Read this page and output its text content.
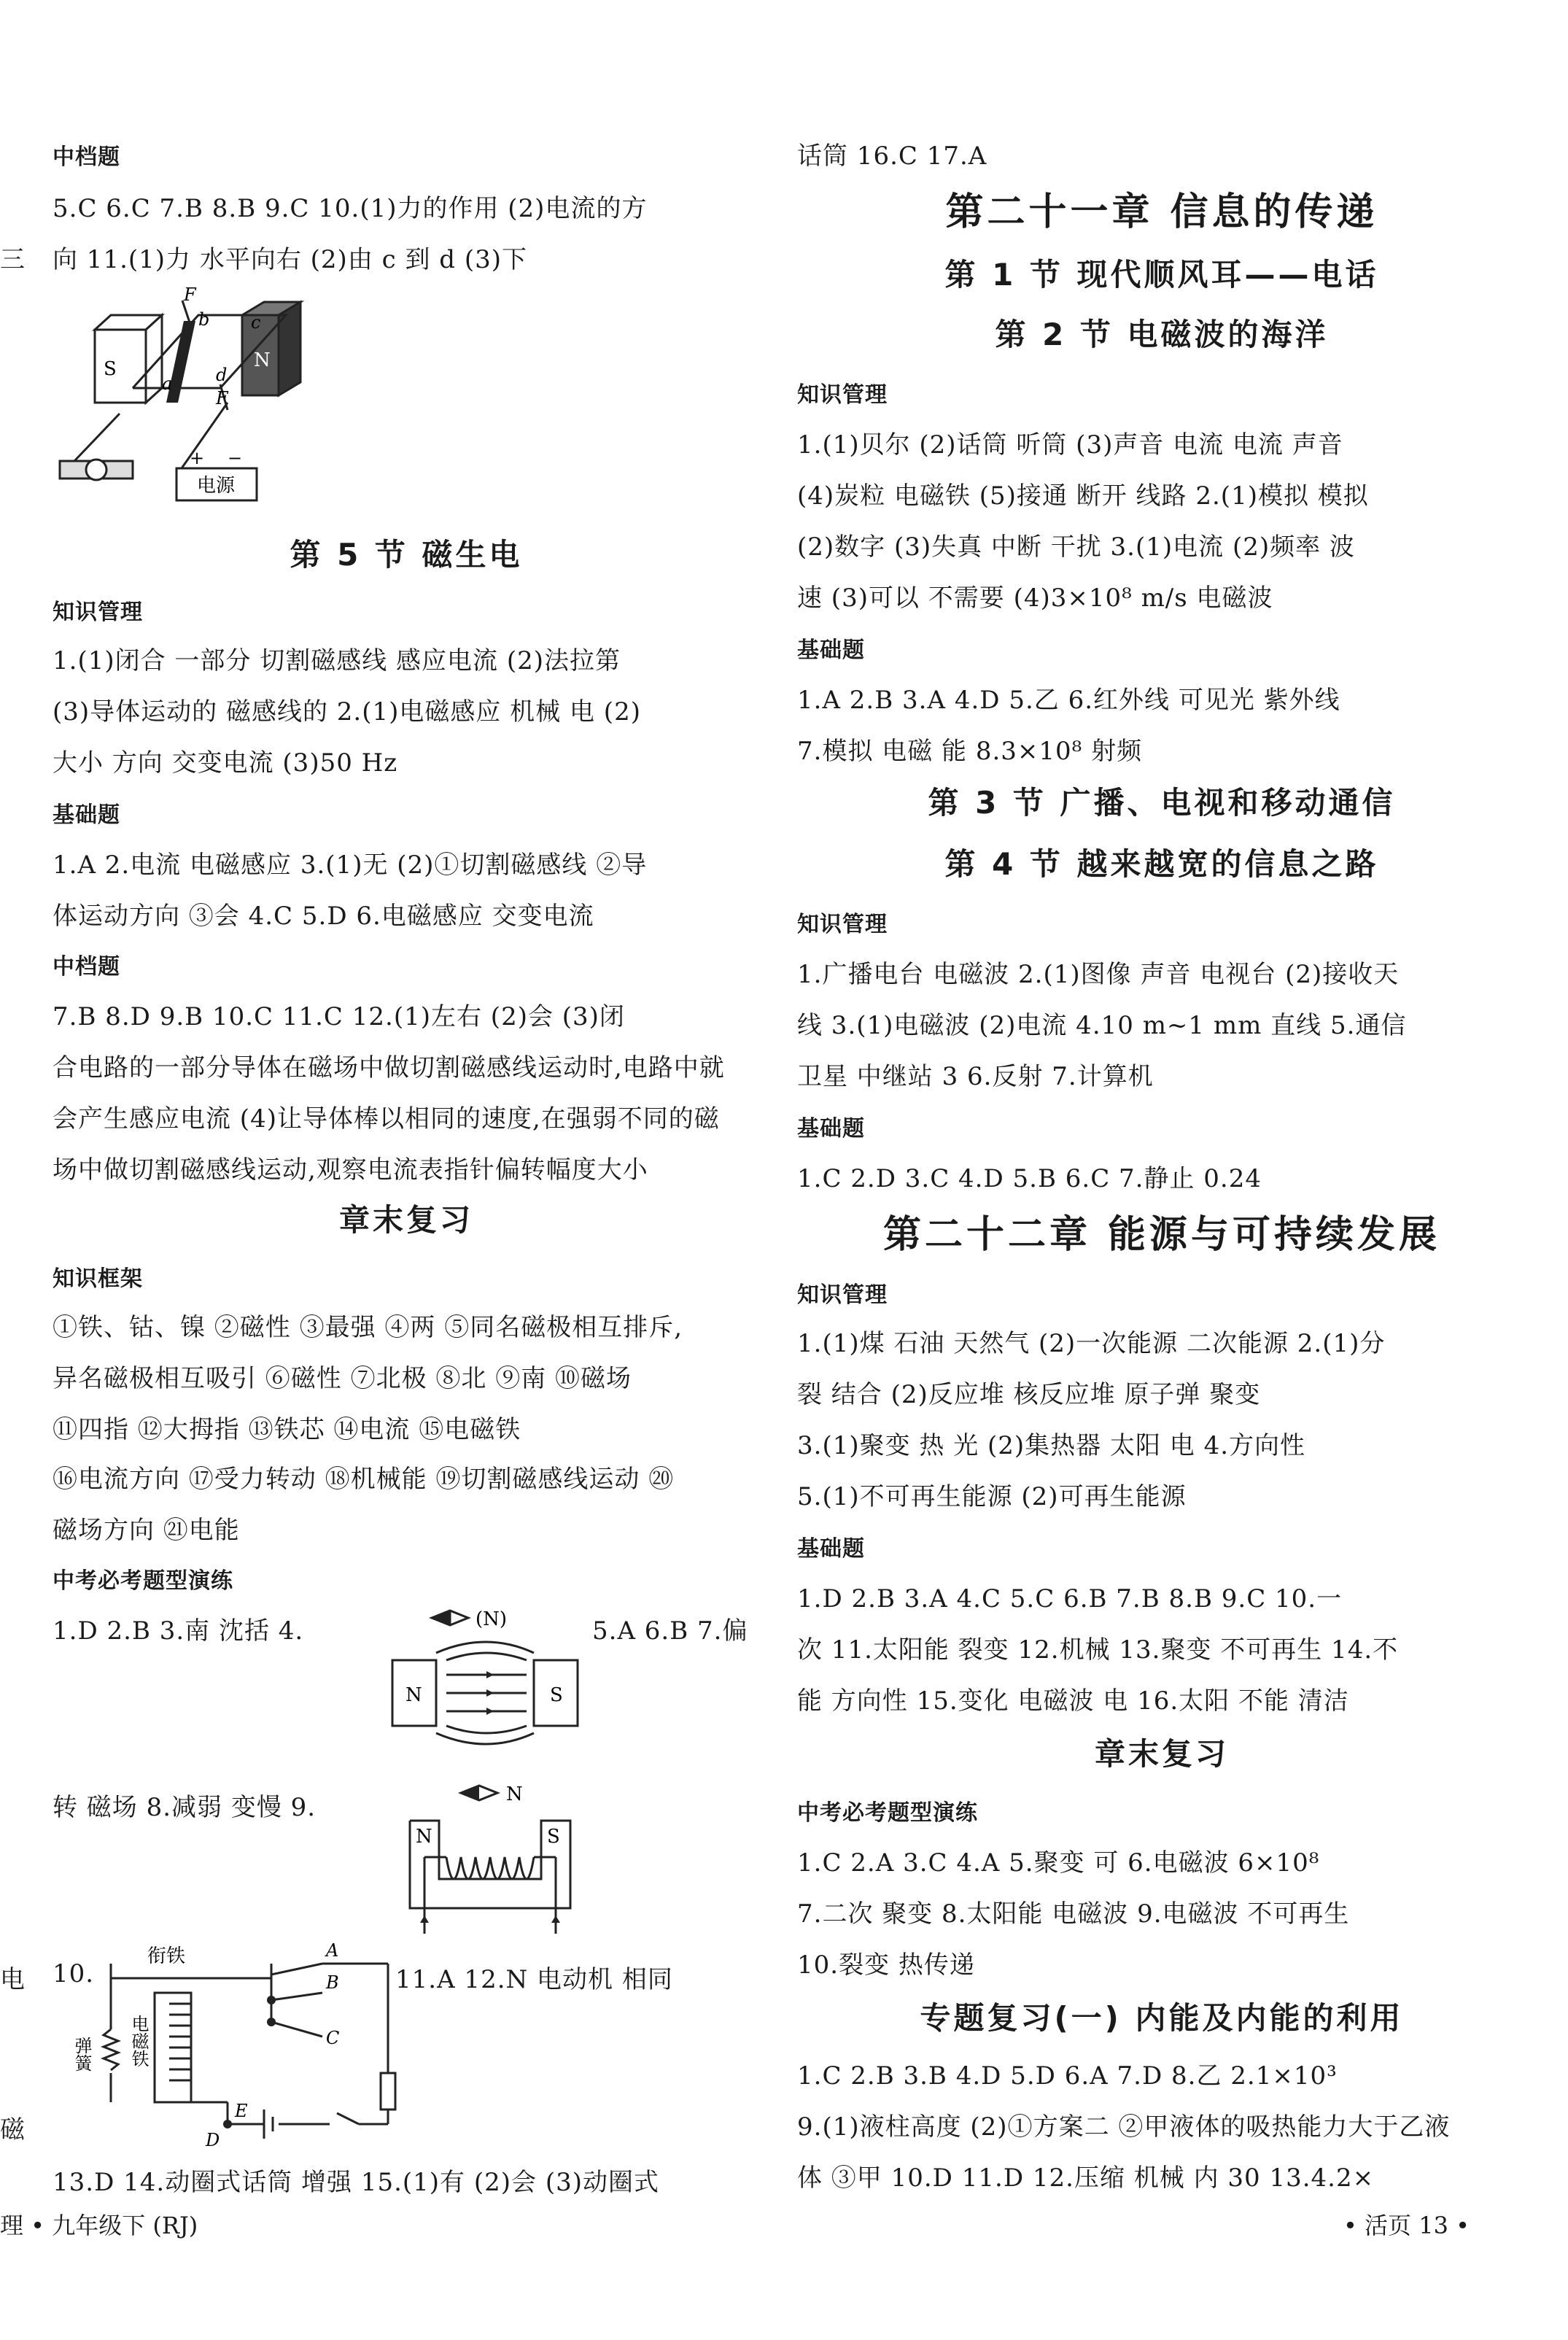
中档题
5.C 6.C 7.B 8.B 9.C 10.(1)力的作用 (2)电流的方
向 11.(1)力 水平向右 (2)由 c 到 d (3)下
F
b c
a d
F
S	N
+ −
电源
第 5 节 磁生电
知识管理
1.(1)闭合 一部分 切割磁感线 感应电流 (2)法拉第
(3)导体运动的 磁感线的 2.(1)电磁感应 机械 电 (2)
大小 方向 交变电流 (3)50 Hz
基础题
1.A 2.电流 电磁感应 3.(1)无 (2)①切割磁感线 ②导
体运动方向 ③会 4.C 5.D 6.电磁感应 交变电流
中档题
7.B 8.D 9.B 10.C 11.C 12.(1)左右 (2)会 (3)闭
合电路的一部分导体在磁场中做切割磁感线运动时,电路中就
会产生感应电流 (4)让导体棒以相同的速度,在强弱不同的磁
场中做切割磁感线运动,观察电流表指针偏转幅度大小
章末复习
知识框架
①铁、钴、镍 ②磁性 ③最强 ④两 ⑤同名磁极相互排斥,
异名磁极相互吸引 ⑥磁性 ⑦北极 ⑧北 ⑨南 ⑩磁场
⑪四指 ⑫大拇指 ⑬铁芯 ⑭电流 ⑮电磁铁
⑯电流方向 ⑰受力转动 ⑱机械能 ⑲切割磁感线运动 ⑳
磁场方向 ㉑电能
中考必考题型演练
1.D 2.B 3.南 沈括 4.	(N)
N	S
5.A 6.B 7.偏
转 磁场 8.减弱 变慢 9.	N
N	S
10.
衔铁
弹簧 电磁铁
A
B
C
D
E
11.A 12.N 电动机 相同
13.D 14.动圈式话筒 增强 15.(1)有 (2)会 (3)动圈式
话筒 16.C 17.A
第二十一章 信息的传递
第 1 节 现代顺风耳——电话
第 2 节 电磁波的海洋
知识管理
1.(1)贝尔 (2)话筒 听筒 (3)声音 电流 电流 声音
(4)炭粒 电磁铁 (5)接通 断开 线路 2.(1)模拟 模拟
(2)数字 (3)失真 中断 干扰 3.(1)电流 (2)频率 波
速 (3)可以 不需要 (4)3×10⁸ m/s 电磁波
基础题
1.A 2.B 3.A 4.D 5.乙 6.红外线 可见光 紫外线
7.模拟 电磁 能 8.3×10⁸ 射频
第 3 节 广播、电视和移动通信
第 4 节 越来越宽的信息之路
知识管理
1.广播电台 电磁波 2.(1)图像 声音 电视台 (2)接收天
线 3.(1)电磁波 (2)电流 4.10 m~1 mm 直线 5.通信
卫星 中继站 3 6.反射 7.计算机
基础题
1.C 2.D 3.C 4.D 5.B 6.C 7.静止 0.24
第二十二章 能源与可持续发展
知识管理
1.(1)煤 石油 天然气 (2)一次能源 二次能源 2.(1)分
裂 结合 (2)反应堆 核反应堆 原子弹 聚变
3.(1)聚变 热 光 (2)集热器 太阳 电 4.方向性
5.(1)不可再生能源 (2)可再生能源
基础题
1.D 2.B 3.A 4.C 5.C 6.B 7.B 8.B 9.C 10.一
次 11.太阳能 裂变 12.机械 13.聚变 不可再生 14.不
能 方向性 15.变化 电磁波 电 16.太阳 不能 清洁
章末复习
中考必考题型演练
1.C 2.A 3.C 4.A 5.聚变 可 6.电磁波 6×10⁸
7.二次 聚变 8.太阳能 电磁波 9.电磁波 不可再生
10.裂变 热传递
专题复习(一) 内能及内能的利用
1.C 2.B 3.B 4.D 5.D 6.A 7.D 8.乙 2.1×10³
9.(1)液柱高度 (2)①方案二 ②甲液体的吸热能力大于乙液
体 ③甲 10.D 11.D 12.压缩 机械 内 30 13.4.2×
三
电
磁
理 • 九年级下 (RJ)	• 活页 13 •
